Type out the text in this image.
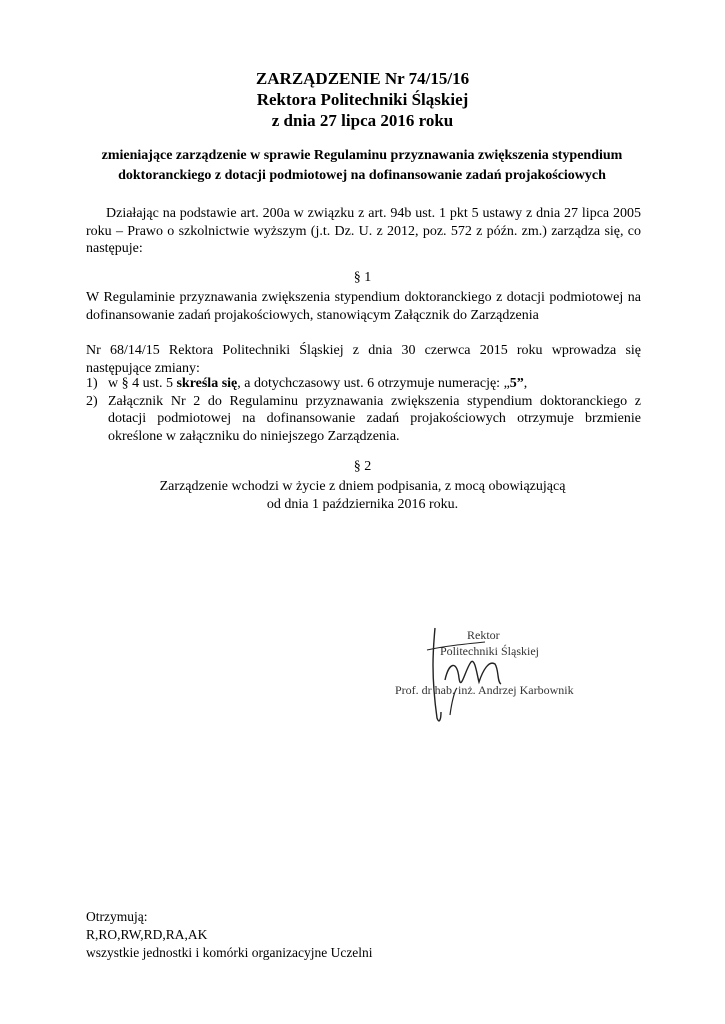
ZARZĄDZENIE Nr 74/15/16
Rektora Politechniki Śląskiej
z dnia 27 lipca 2016 roku
zmieniające zarządzenie w sprawie Regulaminu przyznawania zwiększenia stypendium
doktoranckiego z dotacji podmiotowej na dofinansowanie zadań projakościowych
Działając na podstawie art. 200a w związku z art. 94b ust. 1 pkt 5 ustawy z dnia 27 lipca 2005 roku – Prawo o szkolnictwie wyższym (j.t. Dz. U. z 2012, poz. 572 z późn. zm.) zarządza się, co następuje:
§ 1
W Regulaminie przyznawania zwiększenia stypendium doktoranckiego z dotacji podmiotowej na dofinansowanie zadań projakościowych, stanowiącym Załącznik do Zarządzenia
Nr 68/14/15 Rektora Politechniki Śląskiej z dnia 30 czerwca 2015 roku wprowadza się następujące zmiany:
1) w § 4 ust. 5 skreśla się, a dotychczasowy ust. 6 otrzymuje numerację: „5”,
2) Załącznik Nr 2 do Regulaminu przyznawania zwiększenia stypendium doktoranckiego z dotacji podmiotowej na dofinansowanie zadań projakościowych otrzymuje brzmienie określone w załączniku do niniejszego Zarządzenia.
§ 2
Zarządzenie wchodzi w życie z dniem podpisania, z mocą obowiązującą
od dnia 1 października 2016 roku.
Rektor
Politechniki Śląskiej
Prof. dr hab. inż. Andrzej Karbownik
Otrzymują:
R,RO,RW,RD,RA,AK
wszystkie jednostki i komórki organizacyjne Uczelni
